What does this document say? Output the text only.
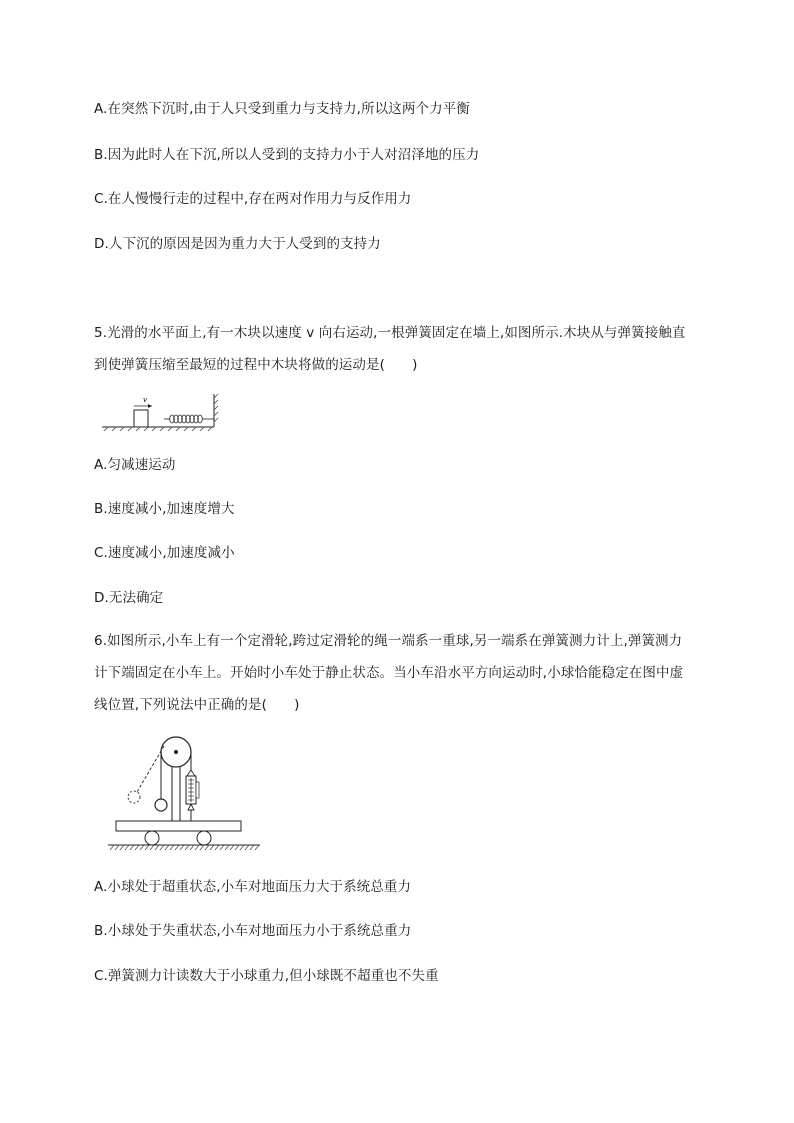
A.在突然下沉时,由于人只受到重力与支持力,所以这两个力平衡
B.因为此时人在下沉,所以人受到的支持力小于人对沼泽地的压力
C.在人慢慢行走的过程中,存在两对作用力与反作用力
D.人下沉的原因是因为重力大于人受到的支持力
5.光滑的水平面上,有一木块以速度 v 向右运动,一根弹簧固定在墙上,如图所示.木块从与弹簧接触直
到使弹簧压缩至最短的过程中木块将做的运动是(　　)
v
A.匀减速运动
B.速度减小,加速度增大
C.速度减小,加速度减小
D.无法确定
6.如图所示,小车上有一个定滑轮,跨过定滑轮的绳一端系一重球,另一端系在弹簧测力计上,弹簧测力
计下端固定在小车上。开始时小车处于静止状态。当小车沿水平方向运动时,小球恰能稳定在图中虚
线位置,下列说法中正确的是(　　)
A.小球处于超重状态,小车对地面压力大于系统总重力
B.小球处于失重状态,小车对地面压力小于系统总重力
C.弹簧测力计读数大于小球重力,但小球既不超重也不失重
